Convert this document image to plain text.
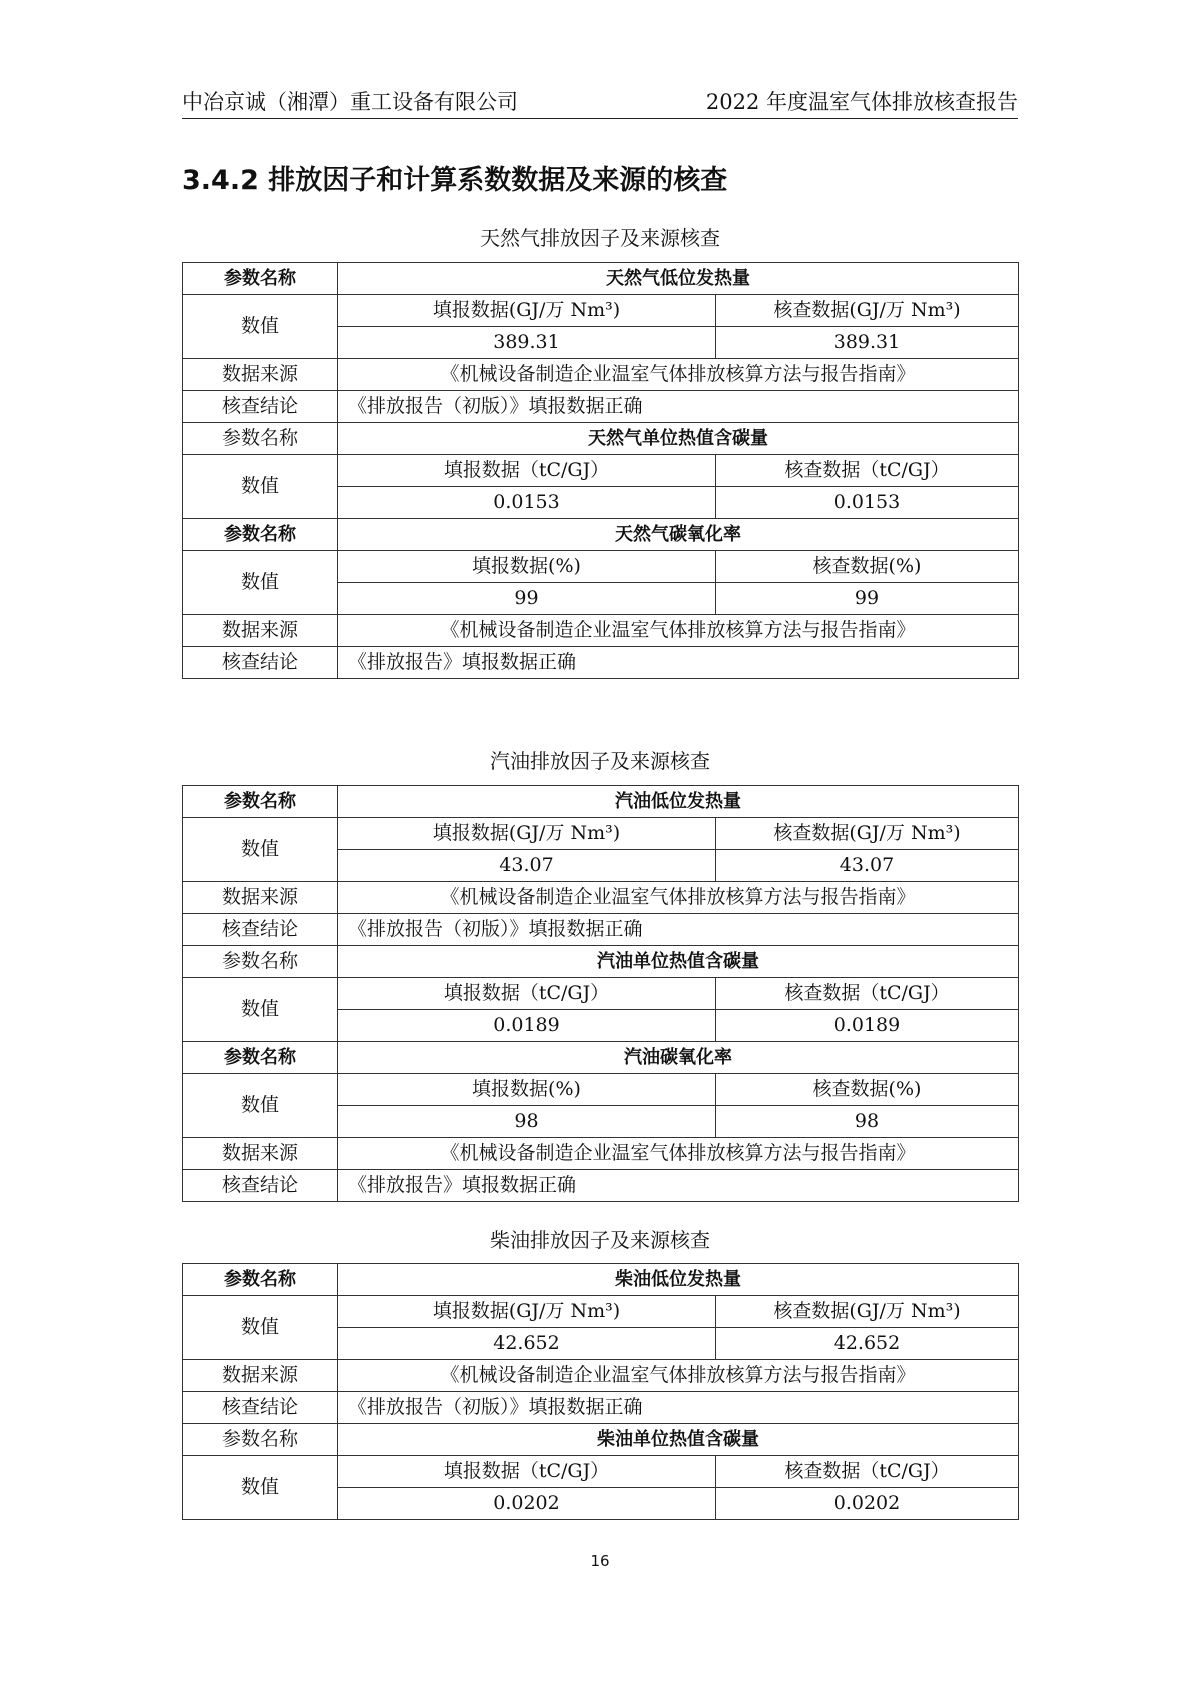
中冶京诚（湘潭）重工设备有限公司	2022 年度温室气体排放核查报告
3.4.2 排放因子和计算系数数据及来源的核查
天然气排放因子及来源核查
参数名称	天然气低位发热量	
数值	填报数据(GJ/万 Nm³)	核查数据(GJ/万 Nm³)
	389.31	389.31
数据来源	《机械设备制造企业温室气体排放核算方法与报告指南》	
核查结论	《排放报告（初版）》填报数据正确	
参数名称	天然气单位热值含碳量	
数值	填报数据（tC/GJ）	核查数据（tC/GJ）
	0.0153	0.0153
参数名称	天然气碳氧化率	
数值	填报数据(%)	核查数据(%)
	99	99
数据来源	《机械设备制造企业温室气体排放核算方法与报告指南》	
核查结论	《排放报告》填报数据正确	
汽油排放因子及来源核查
参数名称	汽油低位发热量	
数值	填报数据(GJ/万 Nm³)	核查数据(GJ/万 Nm³)
	43.07	43.07
数据来源	《机械设备制造企业温室气体排放核算方法与报告指南》	
核查结论	《排放报告（初版）》填报数据正确	
参数名称	汽油单位热值含碳量	
数值	填报数据（tC/GJ）	核查数据（tC/GJ）
	0.0189	0.0189
参数名称	汽油碳氧化率	
数值	填报数据(%)	核查数据(%)
	98	98
数据来源	《机械设备制造企业温室气体排放核算方法与报告指南》	
核查结论	《排放报告》填报数据正确	
柴油排放因子及来源核查
参数名称	柴油低位发热量	
数值	填报数据(GJ/万 Nm³)	核查数据(GJ/万 Nm³)
	42.652	42.652
数据来源	《机械设备制造企业温室气体排放核算方法与报告指南》	
核查结论	《排放报告（初版）》填报数据正确	
参数名称	柴油单位热值含碳量	
数值	填报数据（tC/GJ）	核查数据（tC/GJ）
	0.0202	0.0202
16
